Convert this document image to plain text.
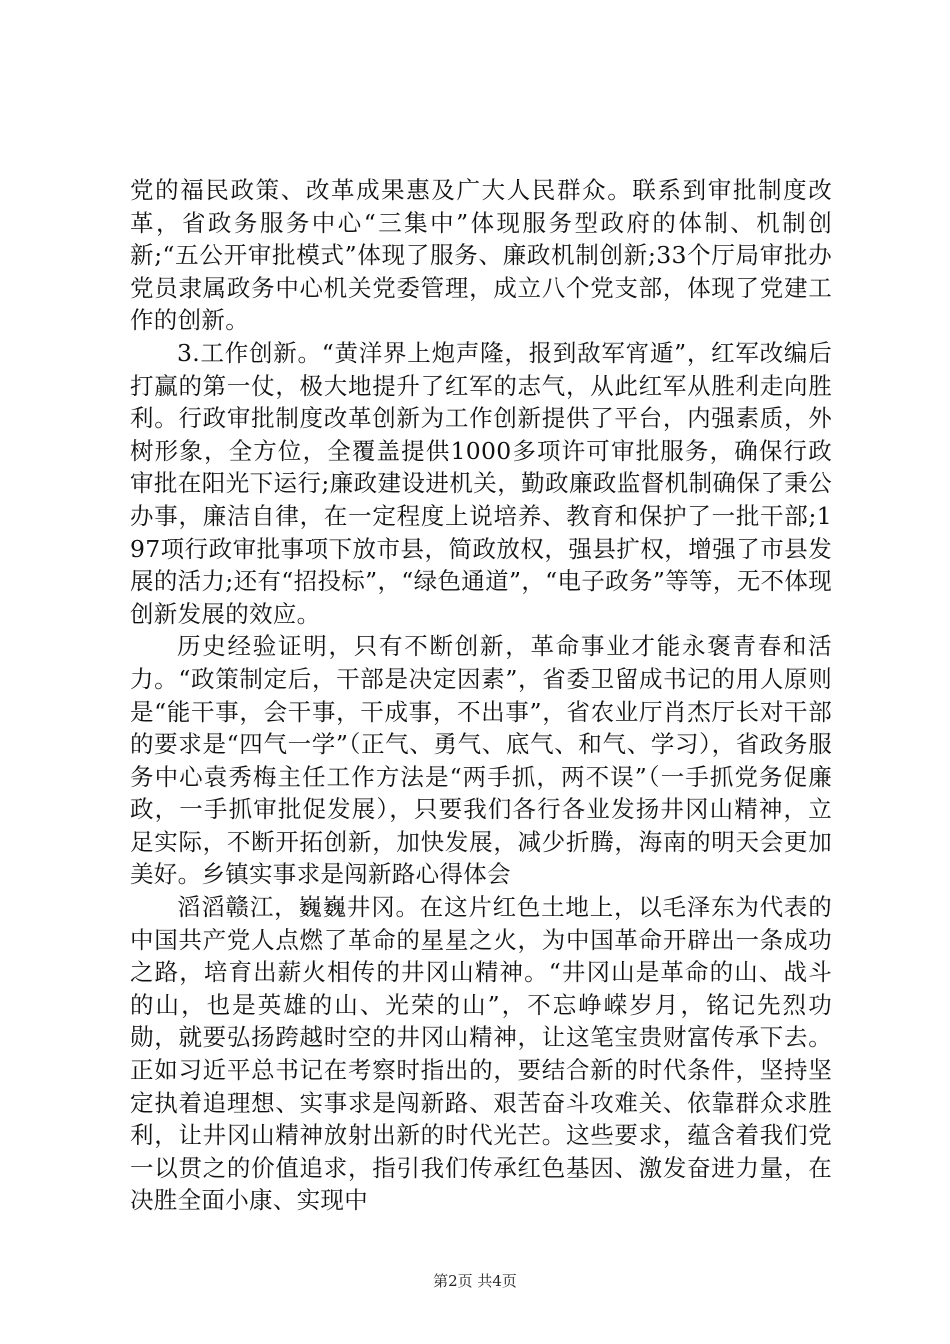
党的福民政策、改革成果惠及广大人民群众。联系到审批制度改革，省政务服务中心“三集中”体现服务型政府的体制、机制创新;“五公开审批模式”体现了服务、廉政机制创新;33个厅局审批办党员隶属政务中心机关党委管理，成立八个党支部，体现了党建工作的创新。

3.工作创新。“黄洋界上炮声隆，报到敌军宵遁”，红军改编后打赢的第一仗，极大地提升了红军的志气，从此红军从胜利走向胜利。行政审批制度改革创新为工作创新提供了平台，内强素质，外树形象，全方位，全覆盖提供1000多项许可审批服务，确保行政审批在阳光下运行;廉政建设进机关，勤政廉政监督机制确保了秉公办事，廉洁自律，在一定程度上说培养、教育和保护了一批干部;197项行政审批事项下放市县，简政放权，强县扩权，增强了市县发展的活力;还有“招投标”，“绿色通道”，“电子政务”等等，无不体现创新发展的效应。

历史经验证明，只有不断创新，革命事业才能永褒青春和活力。“政策制定后，干部是决定因素”，省委卫留成书记的用人原则是“能干事，会干事，干成事，不出事”，省农业厅肖杰厅长对干部的要求是“四气一学”（正气、勇气、底气、和气、学习），省政务服务中心袁秀梅主任工作方法是“两手抓，两不误”（一手抓党务促廉政，一手抓审批促发展），只要我们各行各业发扬井冈山精神，立足实际，不断开拓创新，加快发展，减少折腾，海南的明天会更加美好。乡镇实事求是闯新路心得体会

滔滔赣江，巍巍井冈。在这片红色土地上，以毛泽东为代表的中国共产党人点燃了革命的星星之火，为中国革命开辟出一条成功之路，培育出薪火相传的井冈山精神。“井冈山是革命的山、战斗的山，也是英雄的山、光荣的山”，不忘峥嵘岁月，铭记先烈功勋，就要弘扬跨越时空的井冈山精神，让这笔宝贵财富传承下去。正如习近平总书记在考察时指出的，要结合新的时代条件，坚持坚定执着追理想、实事求是闯新路、艰苦奋斗攻难关、依靠群众求胜利，让井冈山精神放射出新的时代光芒。这些要求，蕴含着我们党一以贯之的价值追求，指引我们传承红色基因、激发奋进力量，在决胜全面小康、实现中

第2页 共4页
